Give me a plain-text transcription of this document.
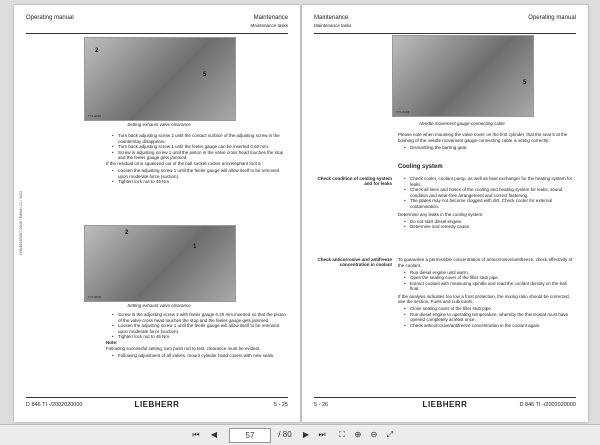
Operating manual	Maintenance
Maintenance tasks
2
5
TY1-0001
Setting exhaust valve clearance
• Turn back adjusting screw 2 until the contact surface of the adjusting screw in the counterstay disappears.
• Turn back adjusting screw 1 until the feeler gauge can be inserted 0.60 mm.
• Screw in adjusting screw 1 until the piston in the valve cross head touches the stop and the feeler gauge gets jammed.

If the residual oil is squeezed out of the ball socket-rocker arm/elephant foot 6 :

• Loosen the adjusting screw 1 until the feeler gauge will allow itself to be removed upon moderate force (suction).
• Tighten lock nut to 45 Nm.
2
1
TY1-0002
Setting exhaust valve clearance
• Screw in the adjusting screw 2 with feeler gauge 0,40 mm inserted so that the piston of the valve cross head touches the stop and the feeler gauge gets jammed.
• Loosen the adjusting screw 1 until the feeler gauge will allow itself to be removed upon moderate force (suction).
• Tighten lock nut to 45 Nm.

Note:

Following successful setting, turn push rod to test, clearance must be evident.

• Following adjustment of all valves, mount cylinder head covers with new seals.
LHB/EN/8/3897-D846 / Edition: 01 / 2002
D 846 TI -/2002020000	LIEBHERR	5 - 25
Maintenance
Maintenance tasks
Operating manual
5
TY1-0003
Needle movement gauge-connecting cable

Please note when mounting the valve cover on the first cylinder, that the seat 5 at the bushing of the needle movement gauge-connecting cable is sitting correctly.

• Dismantling the barring gear.
Cooling system
Check condition of cooling system and for leaks
• Check cooler, coolant pump, as well as heat exchanger for the heating system for leaks.
• Check all lines and hoses of the cooling and heating system for leaks, sound condition and wear-free arrangement and correct fastening.
• The plates may not become clogged with dirt. Check cooler for external contamination.

Determine any leaks in the cooling system:

• Do not start diesel engine.
• Determine and remedy cause.
Check anticorrosive and antifreeze concentration in coolant

To guarantee a permissible concentration of anticorrosive/antifreeze, check effectivity of the coolant.

• Run diesel engine until warm.
• Open the sealing cover of the filler stub pipe.
• Extract coolant with measuring spindle and read the coolant density on the ball float.

If the analysis indicates too low a frost protection, the mixing ratio should be corrected, see the section, Fuels and Lubricants.

• Close sealing cover of the filler stub pipe.
• Run diesel engine to operating temperature, whereby the thermostat must have opened completely at least once.
• Check anticorrosive/antifreeze concentration in the coolant again.
5 - 26	LIEBHERR	D 846 TI -/2002020000
⏮	◀	57	/ 80	▶	⏭	⛶	⊕	⊖	⤢
